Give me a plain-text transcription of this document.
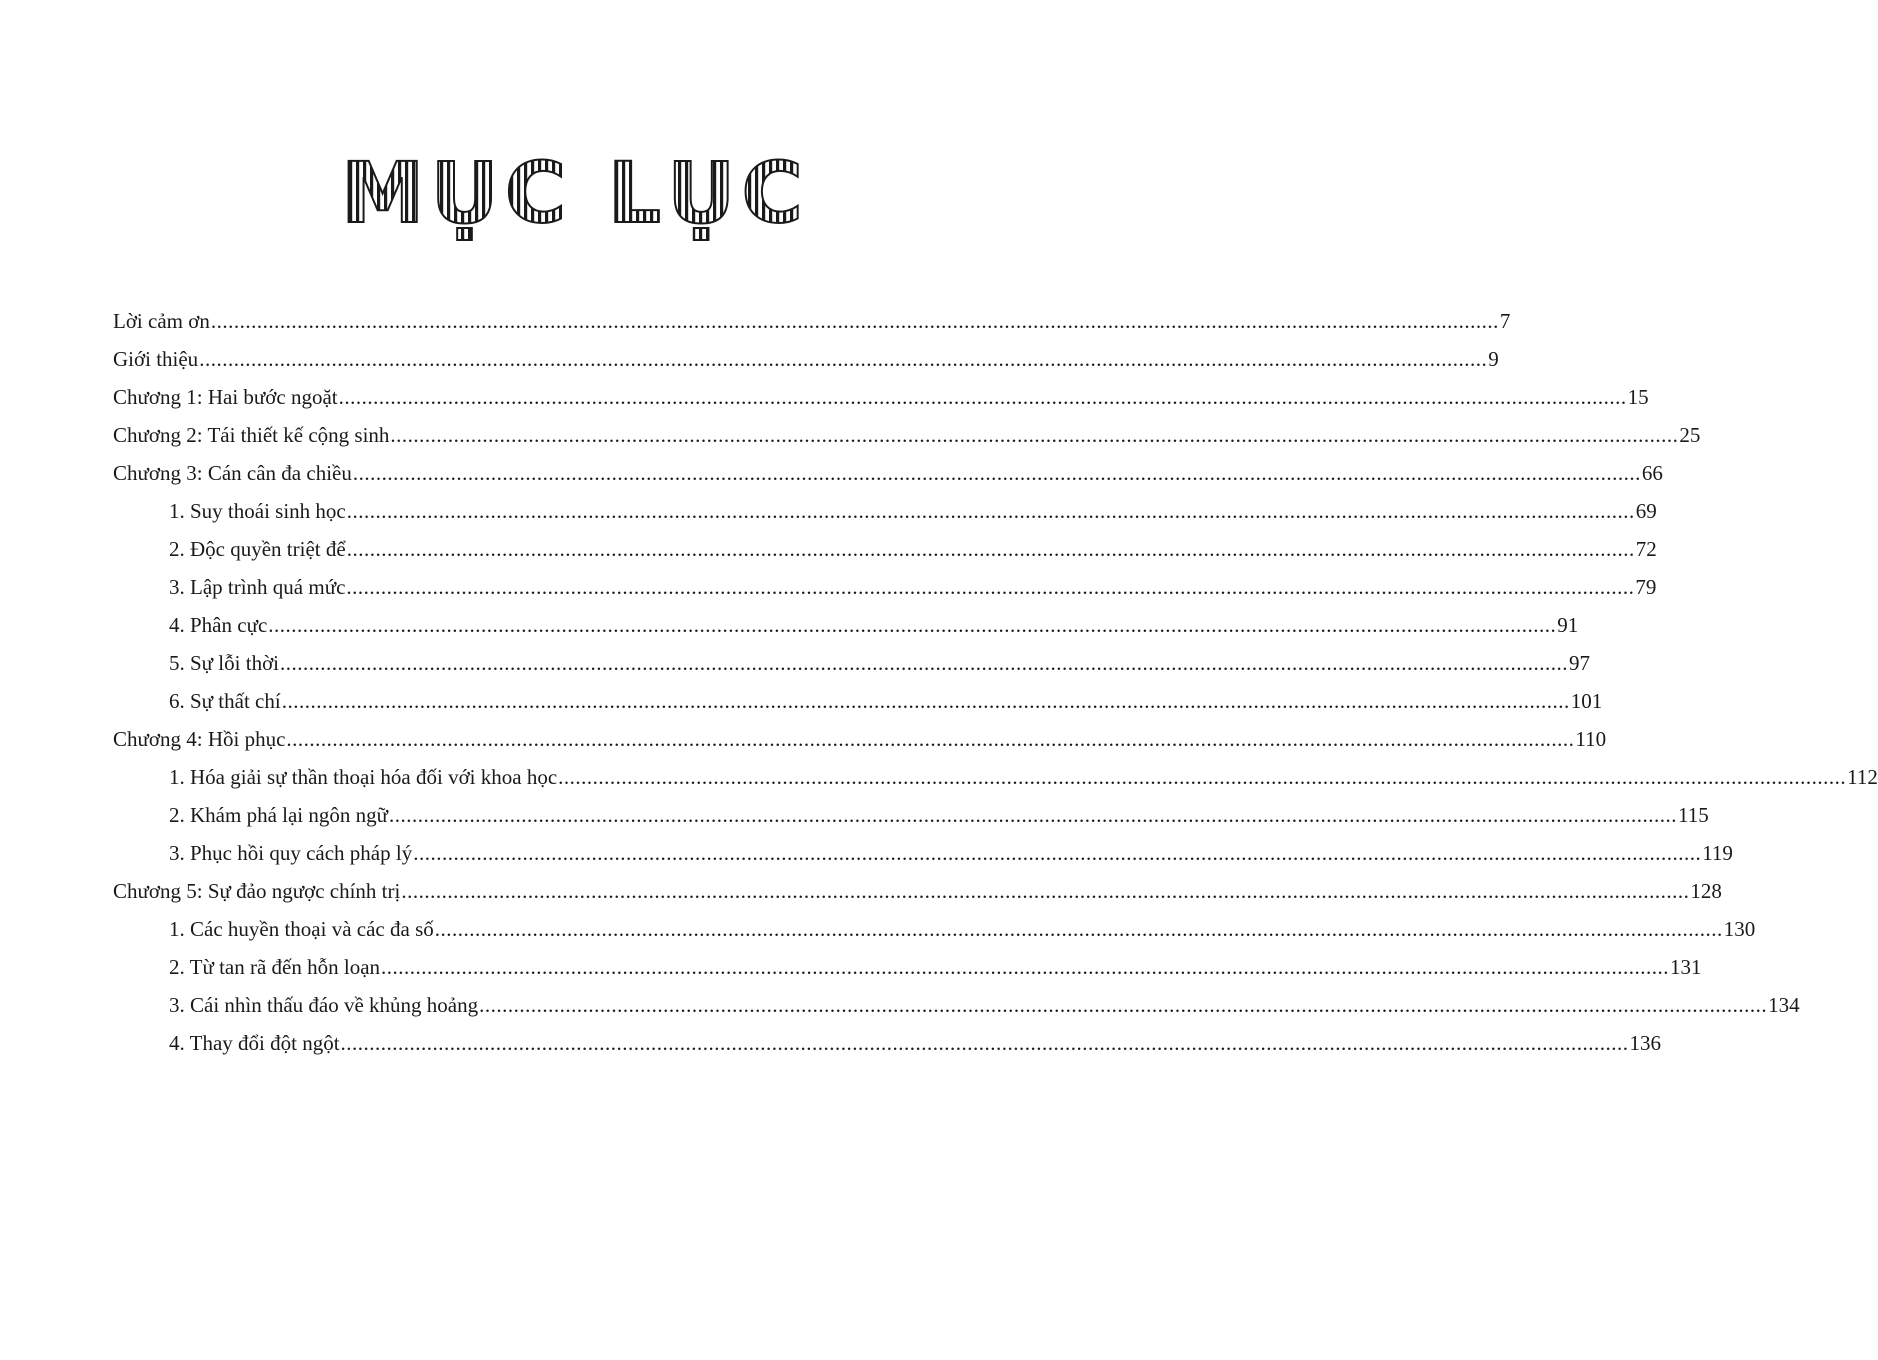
MỤC LỤC
Lời cảm ơn .....	7
Giới thiệu .....	9
Chương 1: Hai bước ngoặt .....	15
Chương 2: Tái thiết kế cộng sinh .....	25
Chương 3: Cán cân đa chiều .....	66
1. Suy thoái sinh học .....	69
2. Độc quyền triệt để .....	72
3. Lập trình quá mức .....	79
4. Phân cực .....	91
5. Sự lỗi thời .....	97
6. Sự thất chí .....	101
Chương 4: Hồi phục .....	110
1. Hóa giải sự thần thoại hóa đối với khoa học .....	112
2. Khám phá lại ngôn ngữ .....	115
3. Phục hồi quy cách pháp lý .....	119
Chương 5: Sự đảo ngược chính trị .....	128
1. Các huyền thoại và các đa số .....	130
2. Từ tan rã đến hỗn loạn .....	131
3. Cái nhìn thấu đáo về khủng hoảng .....	134
4. Thay đổi đột ngột .....	136
